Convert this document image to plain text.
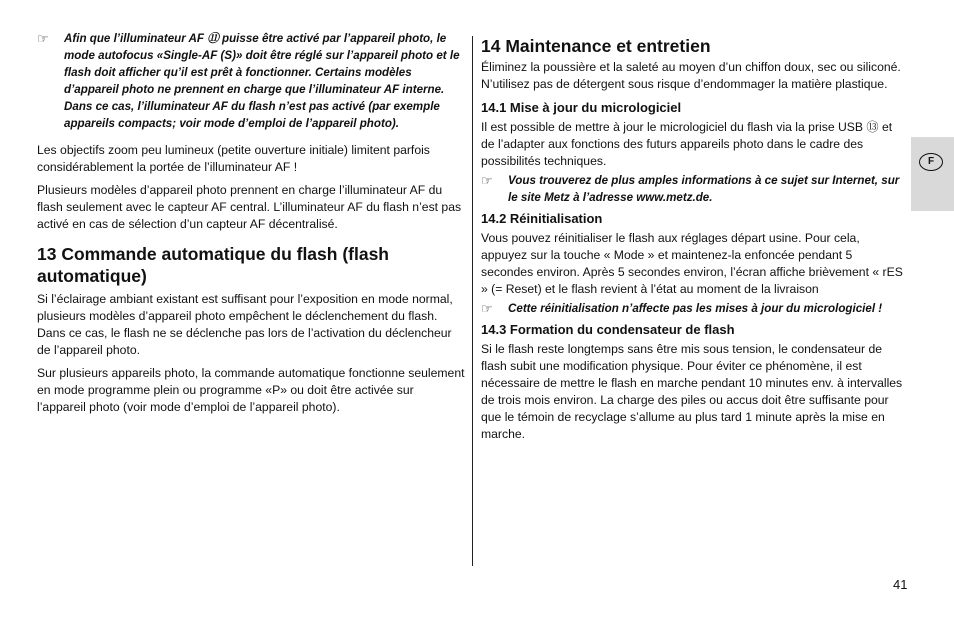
☞	Afin que l’illuminateur AF ⑪ puisse être activé par l’appareil photo, le mode autofocus «Single-AF (S)» doit être réglé sur l’appareil photo et le flash doit afficher qu’il est prêt à fonctionner. Certains modèles d’appareil photo ne prennent en charge que l’illuminateur AF interne. Dans ce cas, l’illuminateur AF du flash n’est pas activé (par exemple appareils compacts; voir mode d’emploi de l’appareil photo).

Les objectifs zoom peu lumineux (petite ouverture initiale) limitent parfois considérablement la portée de l’illuminateur AF !

Plusieurs modèles d’appareil photo prennent en charge l’illuminateur AF du flash seulement avec le capteur AF central. L’illuminateur AF du flash n’est pas activé en cas de sélection d’un capteur AF décentralisé.

13 Commande automatique du flash (flash automatique)

Si l’éclairage ambiant existant est suffisant pour l’exposition en mode normal, plusieurs modèles d’appareil photo empêchent le déclenchement du flash. Dans ce cas, le flash ne se déclenche pas lors de l’activation du déclencheur de l’appareil photo.

Sur plusieurs appareils photo, la commande automatique fonctionne seulement en mode programme plein ou programme «P» ou doit être activée sur l’appareil photo (voir mode d’emploi de l’appareil photo).

14 Maintenance et entretien

Éliminez la poussière et la saleté au moyen d’un chiffon doux, sec ou siliconé. N’utilisez pas de détergent sous risque d’endommager la matière plastique.

14.1 Mise à jour du micrologiciel

Il est possible de mettre à jour le micrologiciel du flash via la prise USB ⑬ et de l’adapter aux fonctions des futurs appareils photo dans le cadre des possibilités techniques.

☞	Vous trouverez de plus amples informations à ce sujet sur Internet, sur le site Metz à l’adresse www.metz.de.
14.2 Réinitialisation

Vous pouvez réinitialiser le flash aux réglages départ usine. Pour cela, appuyez sur la touche « Mode » et maintenez-la enfoncée pendant 5 secondes environ. Après 5 secondes environ, l’écran affiche brièvement « rES » (= Reset) et le flash revient à l’état au moment de la livraison

☞	Cette réinitialisation n’affecte pas les mises à jour du micrologiciel !
14.3 Formation du condensateur de flash

Si le flash reste longtemps sans être mis sous tension, le condensateur de flash subit une modification physique. Pour éviter ce phénomène, il est nécessaire de mettre le flash en marche pendant 10 minutes env. à intervalles de trois mois environ. La charge des piles ou accus doit être suffisante pour que le témoin de recyclage s’allume au plus tard 1 minute après la mise en marche.

F
41
